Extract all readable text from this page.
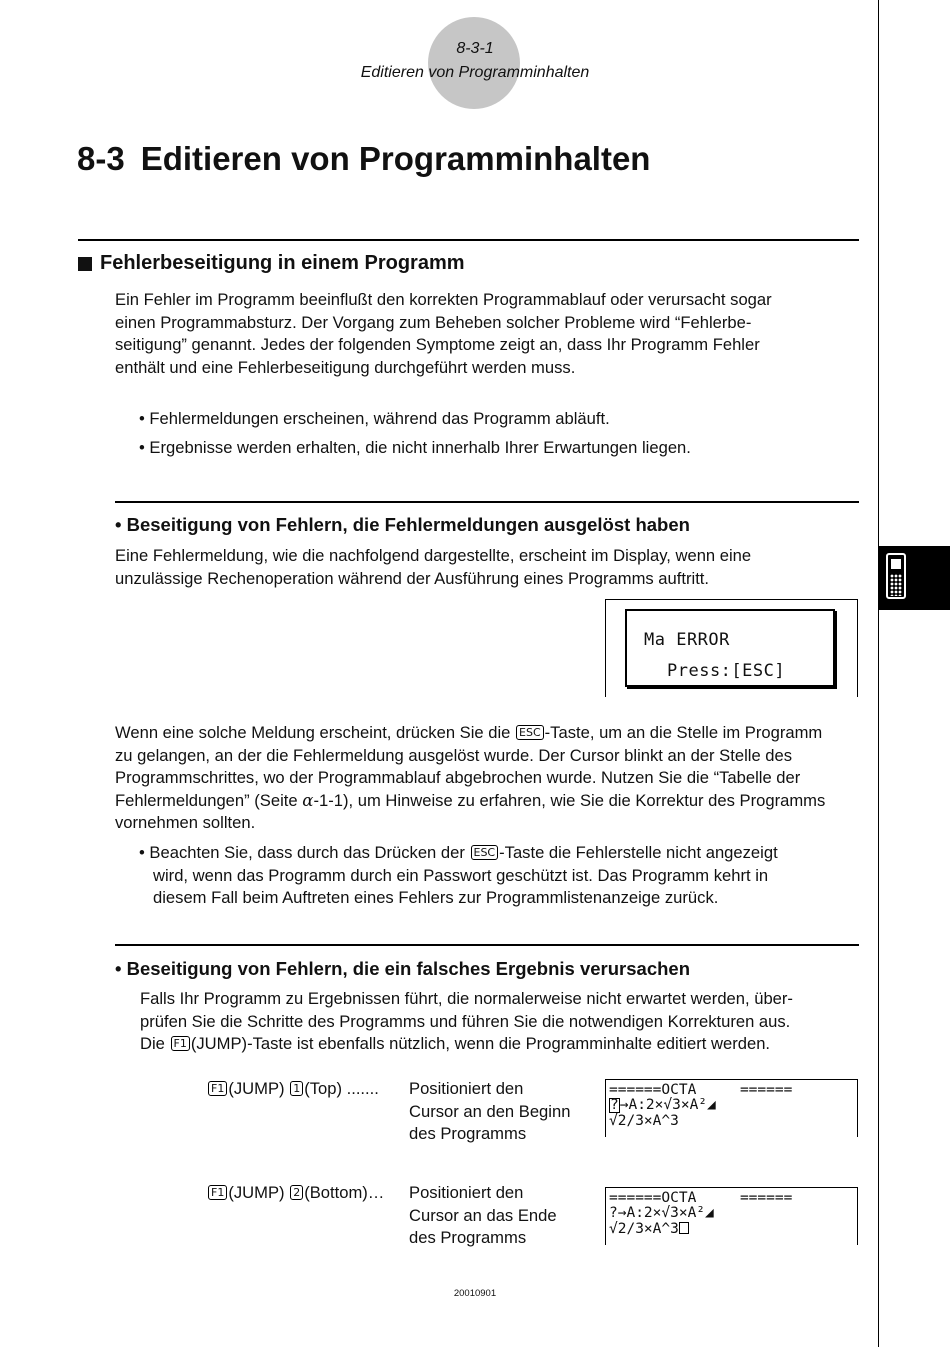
8-3-1
Editieren von Programminhalten
8-3 Editieren von Programminhalten
Fehlerbeseitigung in einem Programm
Ein Fehler im Programm beeinflußt den korrekten Programmablauf oder verursacht sogar
einen Programmabsturz. Der Vorgang zum Beheben solcher Probleme wird “Fehlerbe-
seitigung” genannt. Jedes der folgenden Symptome zeigt an, dass Ihr Programm Fehler
enthält und eine Fehlerbeseitigung durchgeführt werden muss.
• Fehlermeldungen erscheinen, während das Programm abläuft.
• Ergebnisse werden erhalten, die nicht innerhalb Ihrer Erwartungen liegen.
• Beseitigung von Fehlern, die Fehlermeldungen ausgelöst haben
Eine Fehlermeldung, wie die nachfolgend dargestellte, erscheint im Display, wenn eine
unzulässige Rechenoperation während der Ausführung eines Programms auftritt.
Ma ERROR
Press:[ESC]
Wenn eine solche Meldung erscheint, drücken Sie die ESC -Taste, um an die Stelle im Programm
zu gelangen, an der die Fehlermeldung ausgelöst wurde. Der Cursor blinkt an der Stelle des
Programmschrittes, wo der Programmablauf abgebrochen wurde. Nutzen Sie die “Tabelle der
Fehlermeldungen” (Seite α-1-1), um Hinweise zu erfahren, wie Sie die Korrektur des Programms
vornehmen sollten.
• Beachten Sie, dass durch das Drücken der ESC -Taste die Fehlerstelle nicht angezeigt
wird, wenn das Programm durch ein Passwort geschützt ist. Das Programm kehrt in
diesem Fall beim Auftreten eines Fehlers zur Programmlistenanzeige zurück.
• Beseitigung von Fehlern, die ein falsches Ergebnis verursachen
Falls Ihr Programm zu Ergebnissen führt, die normalerweise nicht erwartet werden, über-
prüfen Sie die Schritte des Programms und führen Sie die notwendigen Korrekturen aus.
Die F1 (JUMP)-Taste ist ebenfalls nützlich, wenn die Programminhalte editiert werden.
F1 (JUMP) 1 (Top) ....... Positioniert den
Cursor an den Beginn
des Programms
======OCTA     ======
?→A:2×√3×A²◢
√2/3×A^3
F1 (JUMP) 2 (Bottom)… Positioniert den
Cursor an das Ende
des Programms
======OCTA     ======
?→A:2×√3×A²◢
√2/3×A^3
20010901
